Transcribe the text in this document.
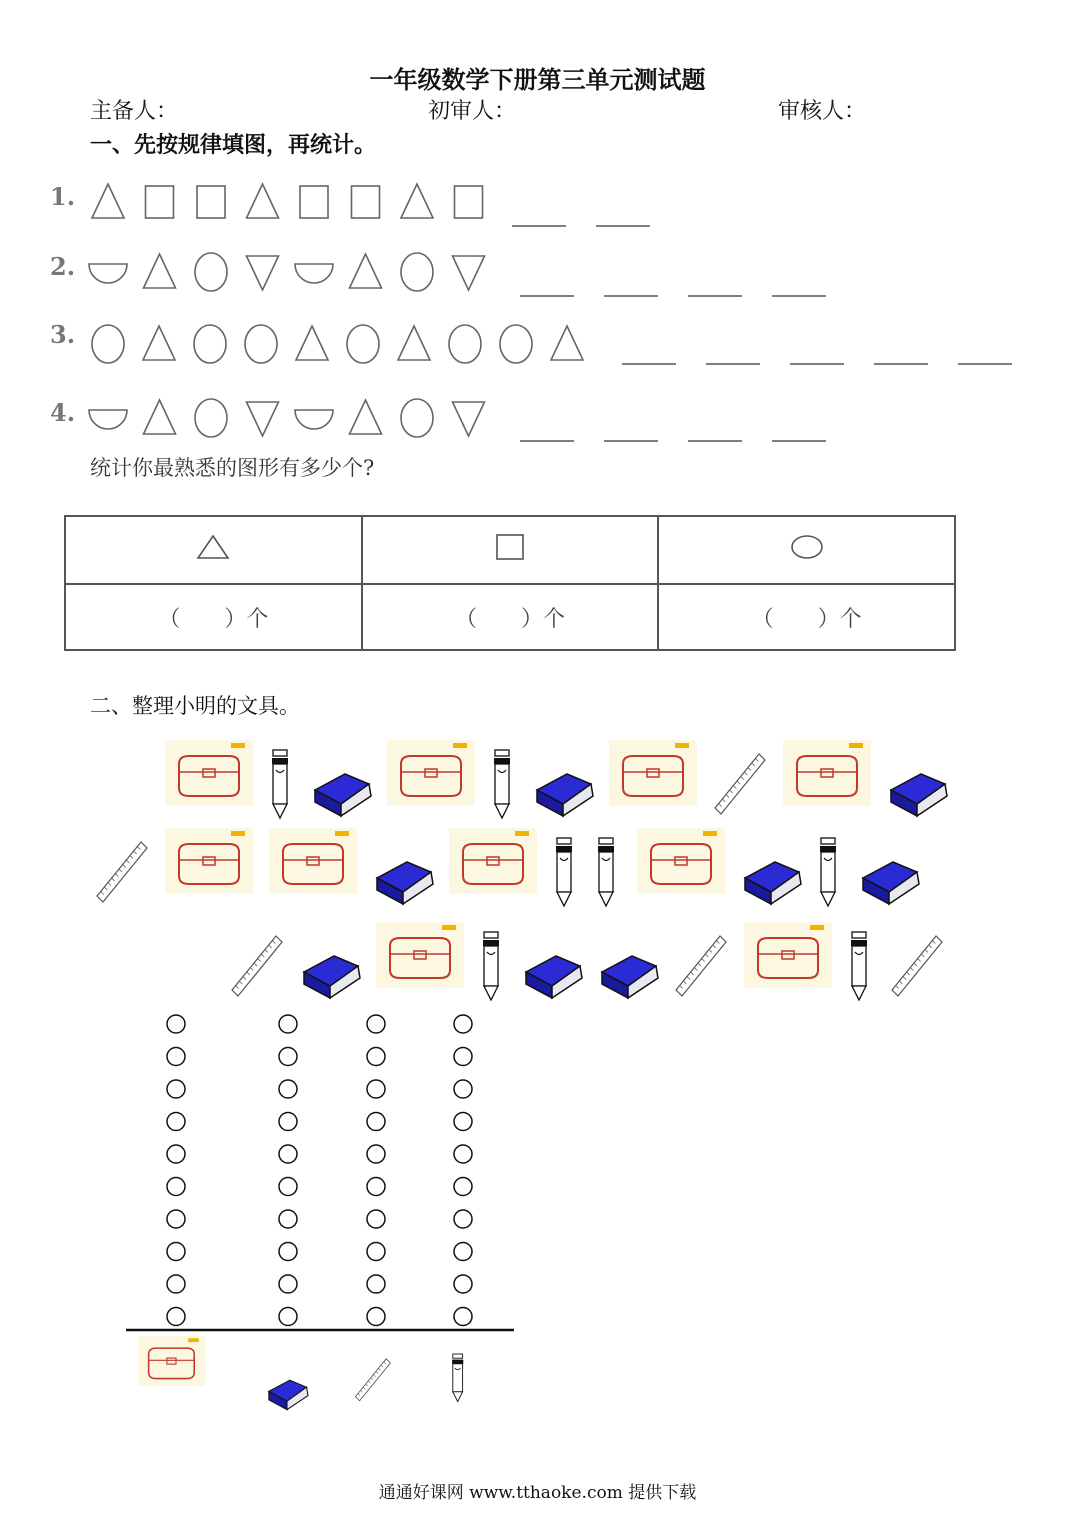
一年级数学下册第三单元测试题
主备人：	初审人：	审核人：
一、先按规律填图，再统计。
1.
2.
3.
4.
统计你最熟悉的图形有多少个?

（　　）个	（　　）个	（　　）个
二、整理小明的文具。
通通好课网 www.tthaoke.com 提供下载
